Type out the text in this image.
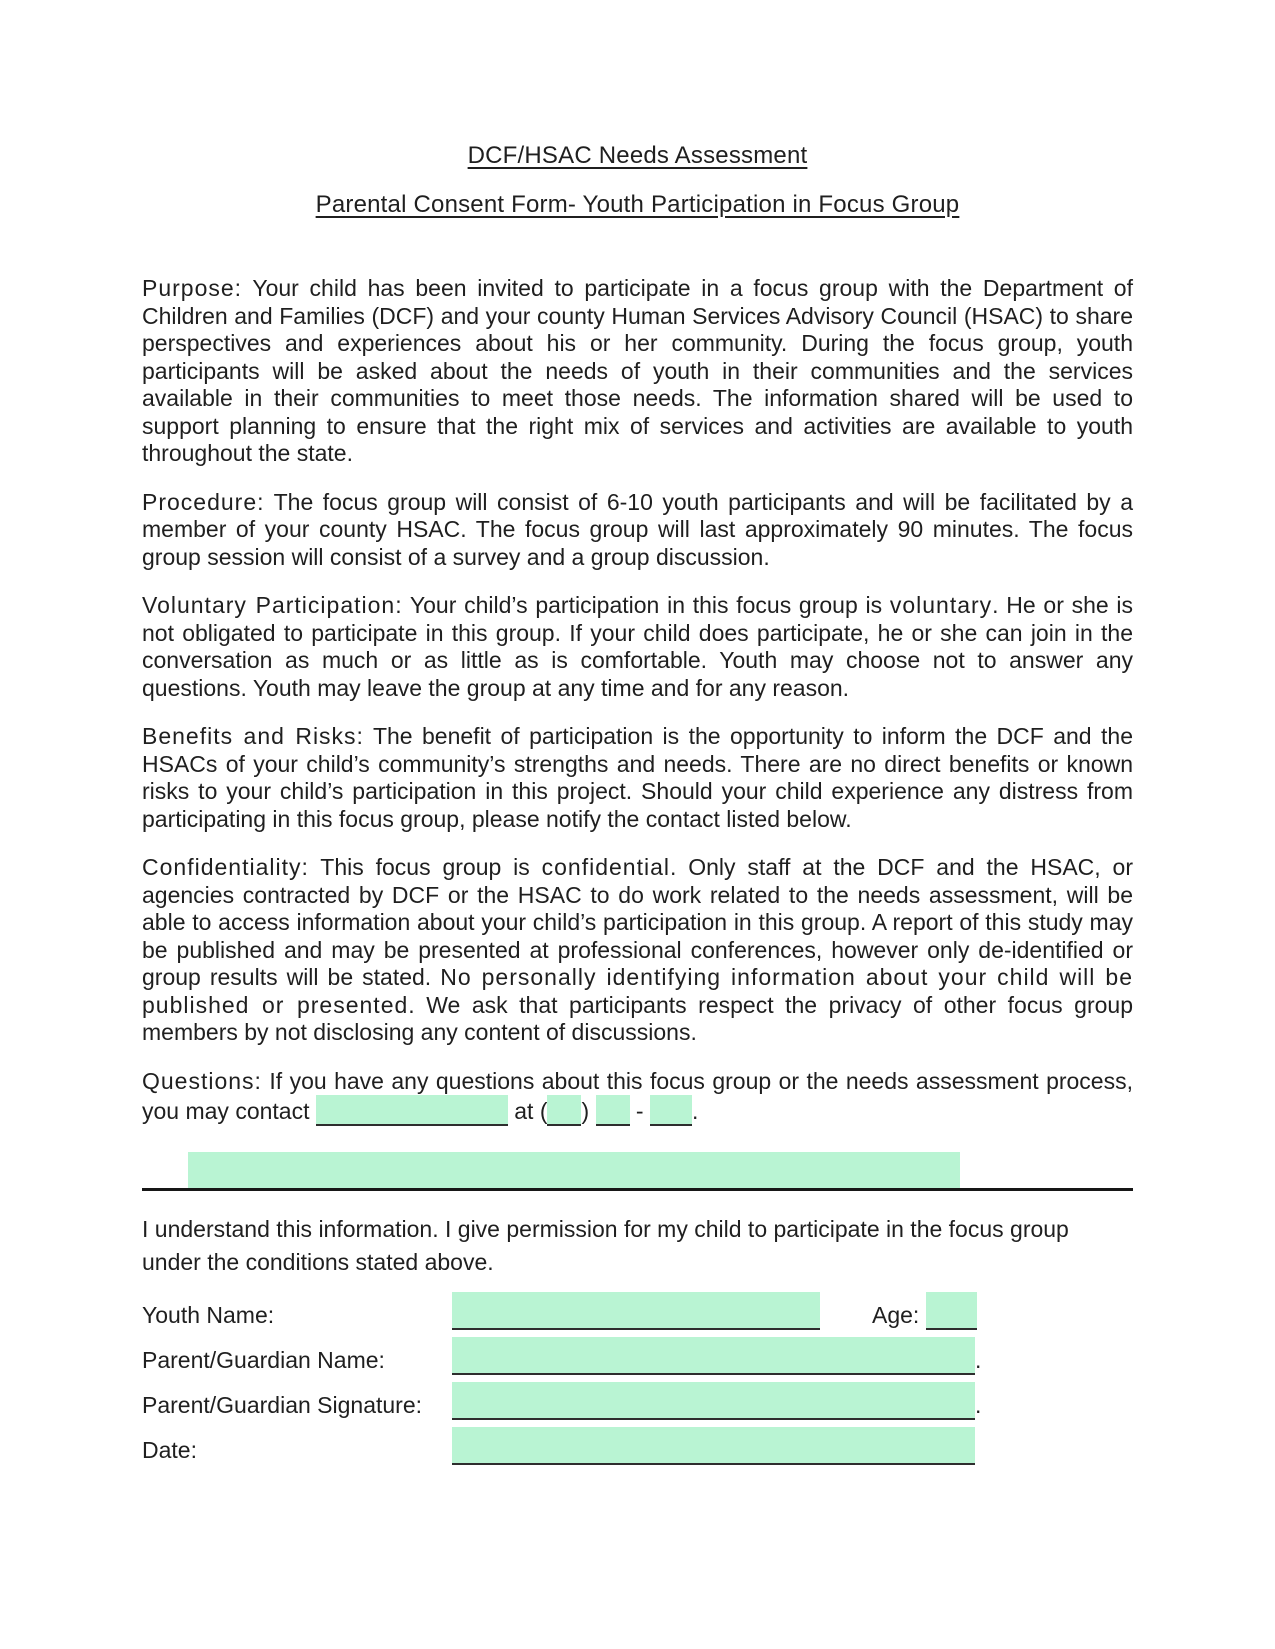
DCF/HSAC Needs Assessment
Parental Consent Form- Youth Participation in Focus Group

Purpose: Your child has been invited to participate in a focus group with the Department of Children and Families (DCF) and your county Human Services Advisory Council (HSAC) to share perspectives and experiences about his or her community. During the focus group, youth participants will be asked about the needs of youth in their communities and the services available in their communities to meet those needs. The information shared will be used to support planning to ensure that the right mix of services and activities are available to youth throughout the state.

Procedure: The focus group will consist of 6-10 youth participants and will be facilitated by a member of your county HSAC. The focus group will last approximately 90 minutes. The focus group session will consist of a survey and a group discussion.

Voluntary Participation: Your child’s participation in this focus group is voluntary. He or she is not obligated to participate in this group. If your child does participate, he or she can join in the conversation as much or as little as is comfortable. Youth may choose not to answer any questions. Youth may leave the group at any time and for any reason.

Benefits and Risks: The benefit of participation is the opportunity to inform the DCF and the HSACs of your child’s community’s strengths and needs. There are no direct benefits or known risks to your child’s participation in this project. Should your child experience any distress from participating in this focus group, please notify the contact listed below.

Confidentiality: This focus group is confidential. Only staff at the DCF and the HSAC, or agencies contracted by DCF or the HSAC to do work related to the needs assessment, will be able to access information about your child’s participation in this group. A report of this study may be published and may be presented at professional conferences, however only de-identified or group results will be stated. No personally identifying information about your child will be published or presented. We ask that participants respect the privacy of other focus group members by not disclosing any content of discussions.

Questions: If you have any questions about this focus group or the needs assessment process, you may contact	at ( )  - .

I understand this information. I give permission for my child to participate in the focus group under the conditions stated above.

Youth Name:	Age:
Parent/Guardian Name:	.
Parent/Guardian Signature:	.
Date:
